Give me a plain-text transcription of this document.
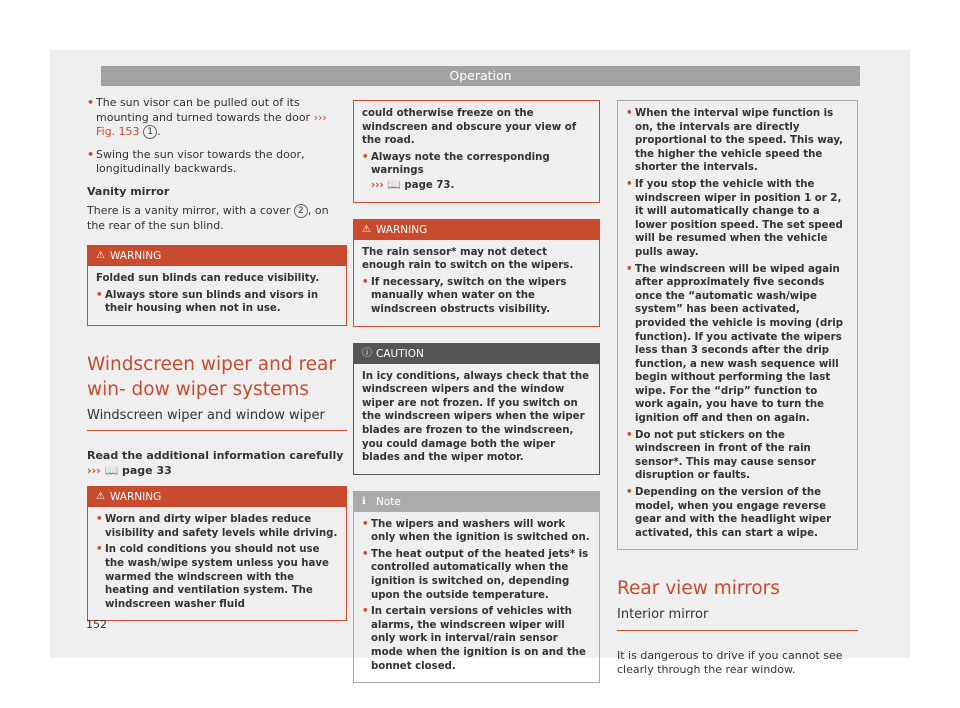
Operation

• The sun visor can be pulled out of its mounting and turned towards the door ››› Fig. 153 1 .

• Swing the sun visor towards the door, longitudinally backwards.

Vanity mirror

There is a vanity mirror, with a cover 2 , on the rear of the sun blind.

⚠ WARNING

Folded sun blinds can reduce visibility.

• Always store sun blinds and visors in their housing when not in use.

Windscreen wiper and rear win- dow wiper systems
Windscreen wiper and window wiper

Read the additional information carefully
››› 📖 page 33

⚠ WARNING

• Worn and dirty wiper blades reduce visibility and safety levels while driving.

• In cold conditions you should not use the wash/wipe system unless you have warmed the windscreen with the heating and ventilation system. The windscreen washer fluid

could otherwise freeze on the windscreen and obscure your view of the road.

• Always note the corresponding warnings
››› 📖 page 73.

⚠ WARNING

The rain sensor* may not detect enough rain to switch on the wipers.

• If necessary, switch on the wipers manually when water on the windscreen obstructs visibility.

ⓘ CAUTION

In icy conditions, always check that the windscreen wipers and the window wiper are not frozen. If you switch on the windscreen wipers when the wiper blades are frozen to the windscreen, you could damage both the wiper blades and the wiper motor.

ℹ Note

• The wipers and washers will work only when the ignition is switched on.

• The heat output of the heated jets* is controlled automatically when the ignition is switched on, depending upon the outside temperature.

• In certain versions of vehicles with alarms, the windscreen wiper will only work in interval/rain sensor mode when the ignition is on and the bonnet closed.

• When the interval wipe function is on, the intervals are directly proportional to the speed. This way, the higher the vehicle speed the shorter the intervals.

• If you stop the vehicle with the windscreen wiper in position 1 or 2, it will automatically change to a lower position speed. The set speed will be resumed when the vehicle pulls away.

• The windscreen will be wiped again after approximately five seconds once the “automatic wash/wipe system” has been activated, provided the vehicle is moving (drip function). If you activate the wipers less than 3 seconds after the drip function, a new wash sequence will begin without performing the last wipe. For the “drip” function to work again, you have to turn the ignition off and then on again.

• Do not put stickers on the windscreen in front of the rain sensor*. This may cause sensor disruption or faults.

• Depending on the version of the model, when you engage reverse gear and with the headlight wiper activated, this can start a wipe.

Rear view mirrors
Interior mirror

It is dangerous to drive if you cannot see clearly through the rear window.

152
